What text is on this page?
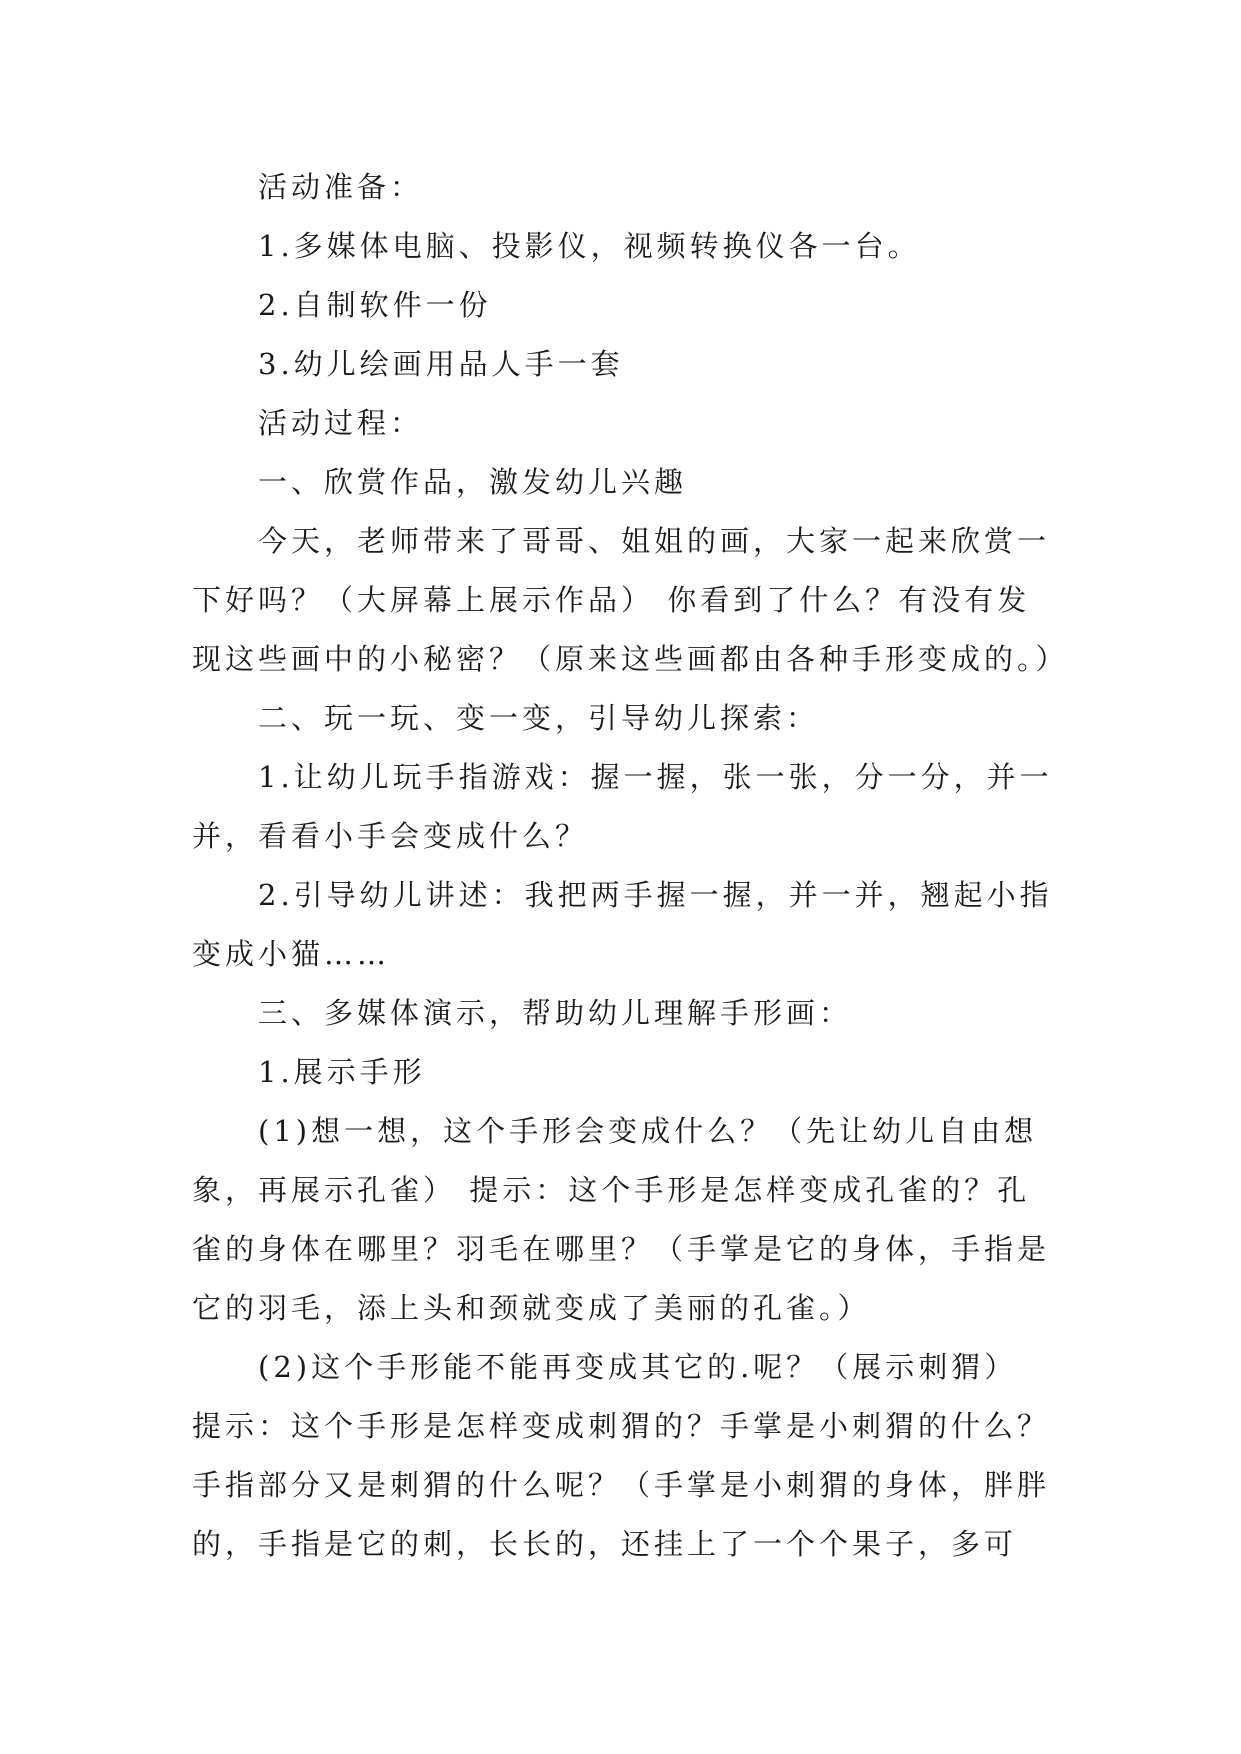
活动准备：

1.多媒体电脑、投影仪，视频转换仪各一台。

2.自制软件一份

3.幼儿绘画用品人手一套

活动过程：

一、欣赏作品，激发幼儿兴趣

今天，老师带来了哥哥、姐姐的画，大家一起来欣赏一
下好吗？（大屏幕上展示作品） 你看到了什么？有没有发
现这些画中的小秘密？（原来这些画都由各种手形变成的。）

二、玩一玩、变一变，引导幼儿探索：

1.让幼儿玩手指游戏：握一握，张一张，分一分，并一
并，看看小手会变成什么？

2.引导幼儿讲述：我把两手握一握，并一并，翘起小指
变成小猫……

三、多媒体演示，帮助幼儿理解手形画：

1.展示手形

(1)想一想，这个手形会变成什么？（先让幼儿自由想
象，再展示孔雀） 提示：这个手形是怎样变成孔雀的？孔
雀的身体在哪里？羽毛在哪里？（手掌是它的身体，手指是
它的羽毛，添上头和颈就变成了美丽的孔雀。）

(2)这个手形能不能再变成其它的.呢？（展示刺猬）
提示：这个手形是怎样变成刺猬的？手掌是小刺猬的什么？
手指部分又是刺猬的什么呢？（手掌是小刺猬的身体，胖胖
的，手指是它的刺，长长的，还挂上了一个个果子，多可
